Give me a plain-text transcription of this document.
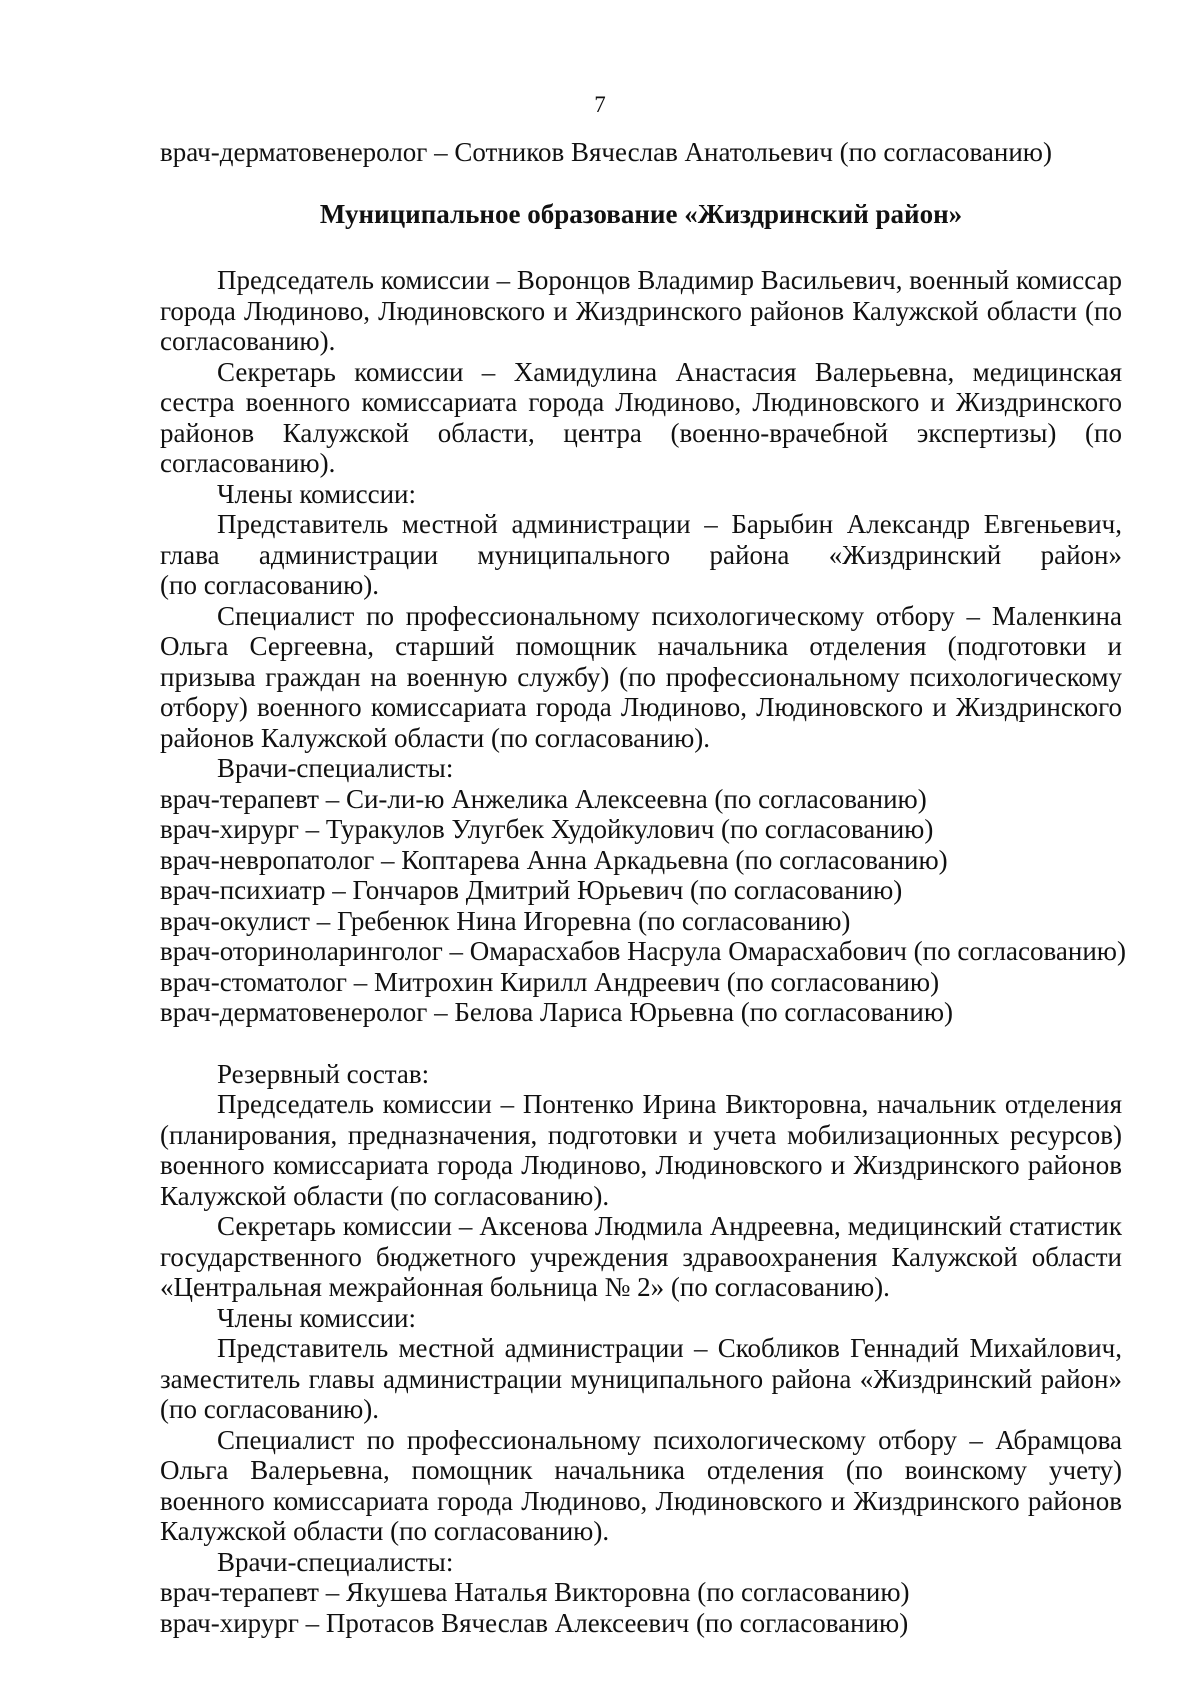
7

врач-дерматовенеролог – Сотников Вячеслав Анатольевич (по согласованию)

Муниципальное образование «Жиздринский район»

Председатель комиссии – Воронцов Владимир Васильевич, военный комиссар города Людиново, Людиновского и Жиздринского районов Калужской области (по согласованию).

Секретарь комиссии – Хамидулина Анастасия Валерьевна, медицинская сестра военного комиссариата города Людиново, Людиновского и Жиздринского районов Калужской области, центра (военно-врачебной экспертизы) (по согласованию).

Члены комиссии:

Представитель местной администрации – Барыбин Александр Евгеньевич,

глава администрации муниципального района «Жиздринский район»

(по согласованию).

Специалист по профессиональному психологическому отбору – Маленкина Ольга Сергеевна, старший помощник начальника отделения (подготовки и призыва граждан на военную службу) (по профессиональному психологическому отбору) военного комиссариата города Людиново, Людиновского и Жиздринского районов Калужской области (по согласованию).

Врачи-специалисты:

врач-терапевт – Си-ли-ю Анжелика Алексеевна (по согласованию)

врач-хирург – Туракулов Улугбек Худойкулович (по согласованию)

врач-невропатолог – Коптарева Анна Аркадьевна (по согласованию)

врач-психиатр – Гончаров Дмитрий Юрьевич (по согласованию)

врач-окулист – Гребенюк Нина Игоревна (по согласованию)

врач-оториноларинголог – Омарасхабов Насрула Омарасхабович (по согласованию)

врач-стоматолог – Митрохин Кирилл Андреевич (по согласованию)

врач-дерматовенеролог – Белова Лариса Юрьевна (по согласованию)

Резервный состав:

Председатель комиссии – Понтенко Ирина Викторовна, начальник отделения (планирования, предназначения, подготовки и учета мобилизационных ресурсов) военного комиссариата города Людиново, Людиновского и Жиздринского районов Калужской области (по согласованию).

Секретарь комиссии – Аксенова Людмила Андреевна, медицинский статистик государственного бюджетного учреждения здравоохранения Калужской области «Центральная межрайонная больница № 2» (по согласованию).

Члены комиссии:

Представитель местной администрации – Скобликов Геннадий Михайлович, заместитель главы администрации муниципального района «Жиздринский район» (по согласованию).

Специалист по профессиональному психологическому отбору – Абрамцова Ольга Валерьевна, помощник начальника отделения (по воинскому учету) военного комиссариата города Людиново, Людиновского и Жиздринского районов Калужской области (по согласованию).

Врачи-специалисты:

врач-терапевт – Якушева Наталья Викторовна (по согласованию)

врач-хирург – Протасов Вячеслав Алексеевич (по согласованию)
